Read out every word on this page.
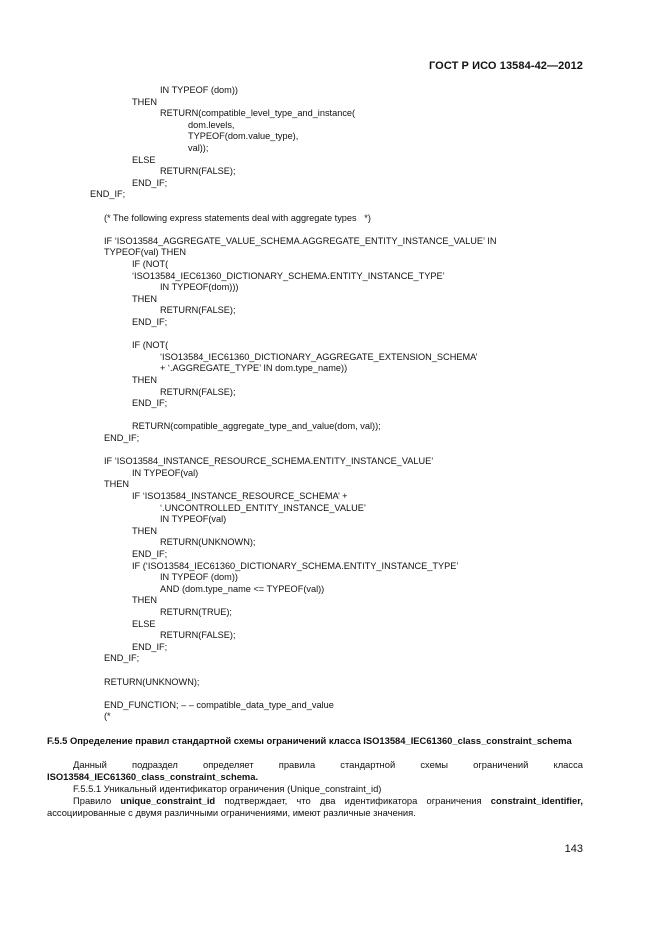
ГОСТ Р ИСО 13584-42—2012
IN TYPEOF (dom))
THEN
RETURN(compatible_level_type_and_instance(
dom.levels,
TYPEOF(dom.value_type),
val));
ELSE
RETURN(FALSE);
END_IF;
END_IF;
(* The following express statements deal with aggregate types   *)
IF ‘ISO13584_AGGREGATE_VALUE_SCHEMA.AGGREGATE_ENTITY_INSTANCE_VALUE’ IN
TYPEOF(val) THEN
IF (NOT(
‘ISO13584_IEC61360_DICTIONARY_SCHEMA.ENTITY_INSTANCE_TYPE’
IN TYPEOF(dom)))
THEN
RETURN(FALSE);
END_IF;
IF (NOT(
‘ISO13584_IEC61360_DICTIONARY_AGGREGATE_EXTENSION_SCHEMA’
+ ‘.AGGREGATE_TYPE’ IN dom.type_name))
THEN
RETURN(FALSE);
END_IF;
RETURN(compatible_aggregate_type_and_value(dom, val));
END_IF;
IF ‘ISO13584_INSTANCE_RESOURCE_SCHEMA.ENTITY_INSTANCE_VALUE’
IN TYPEOF(val)
THEN
IF ‘ISO13584_INSTANCE_RESOURCE_SCHEMA’ +
‘.UNCONTROLLED_ENTITY_INSTANCE_VALUE’
IN TYPEOF(val)
THEN
RETURN(UNKNOWN);
END_IF;
IF (‘ISO13584_IEC61360_DICTIONARY_SCHEMA.ENTITY_INSTANCE_TYPE’
IN TYPEOF (dom))
AND (dom.type_name <= TYPEOF(val))
THEN
RETURN(TRUE);
ELSE
RETURN(FALSE);
END_IF;
END_IF;
RETURN(UNKNOWN);
END_FUNCTION; – – compatible_data_type_and_value
(*
F.5.5 Определение правил стандартной схемы ограничений класса ISO13584_IEC61360_class_constraint_schema
Данный подраздел определяет правила стандартной схемы ограничений класса ISO13584_IEC61360_class_constraint_schema.
F.5.5.1 Уникальный идентификатор ограничения (Unique_constraint_id)
Правило unique_constraint_id подтверждает, что два идентификатора ограничения constraint_identifier, ассоциированные с двумя различными ограничениями, имеют различные значения.
143
